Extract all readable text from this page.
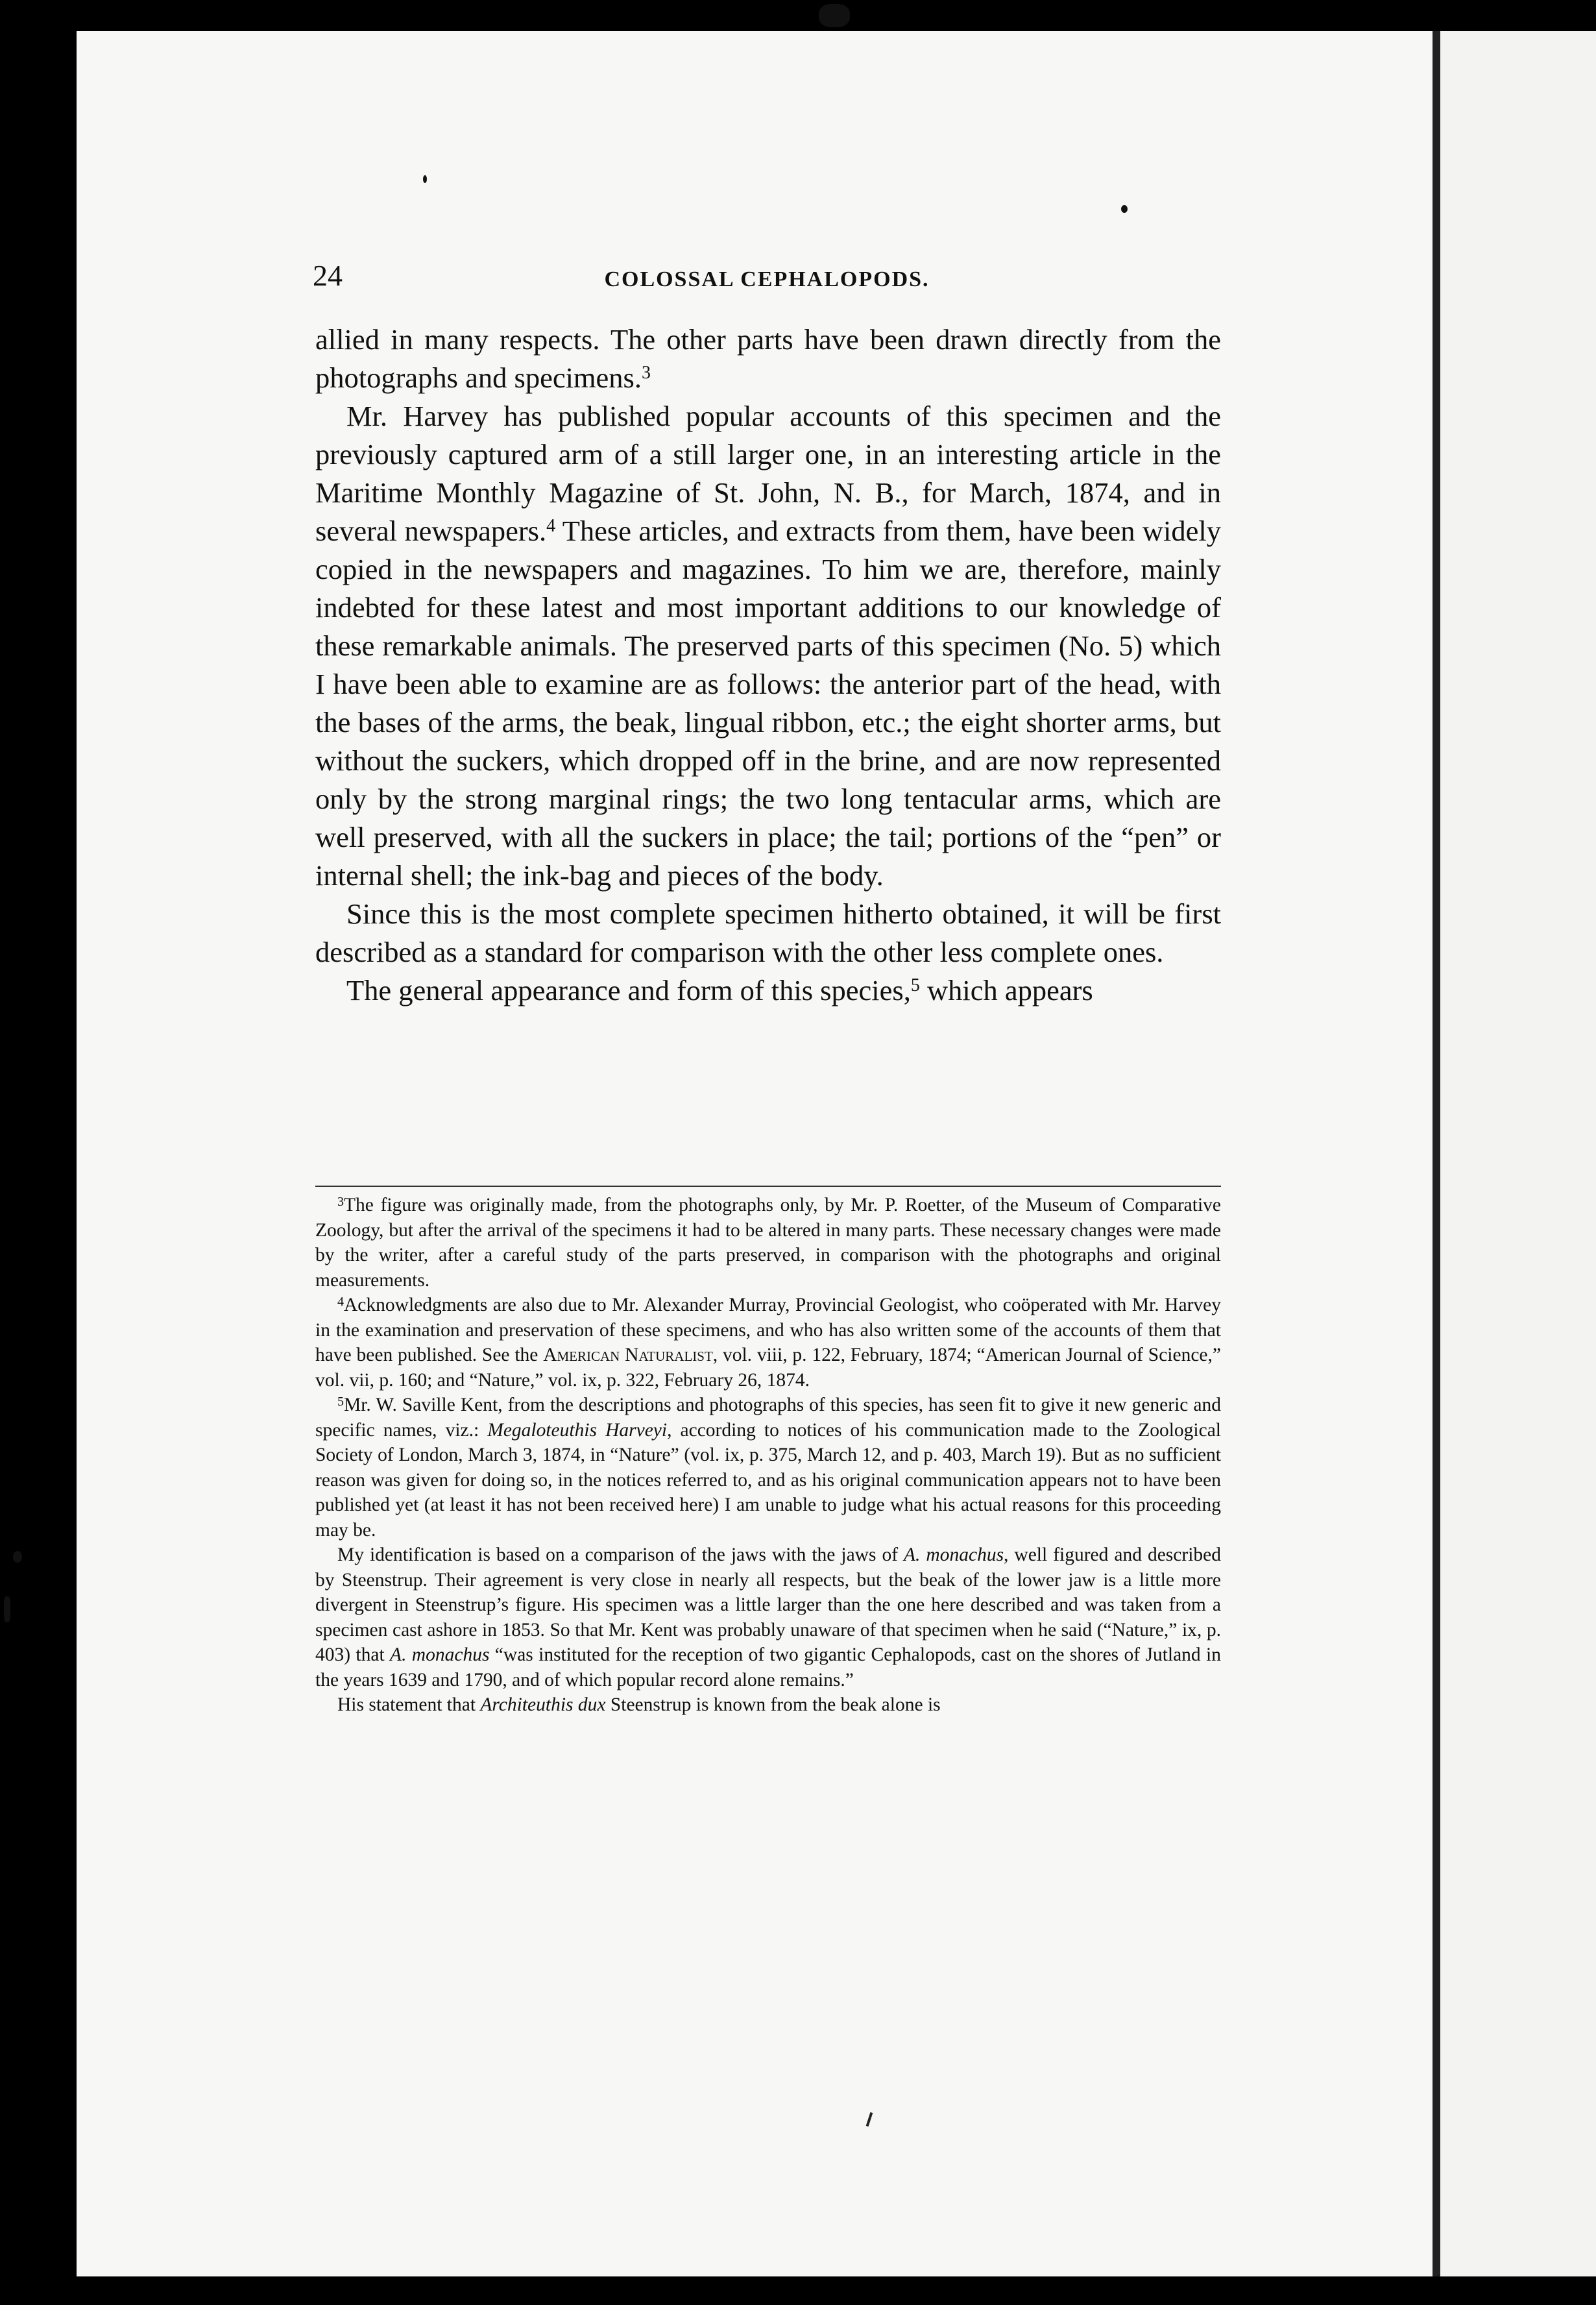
24	COLOSSAL CEPHALOPODS.

allied in many respects. The other parts have been drawn directly from the photographs and specimens.$^3$

Mr. Harvey has published popular accounts of this specimen and the previously captured arm of a still larger one, in an interesting article in the Maritime Monthly Magazine of St. John, N. B., for March, 1874, and in several newspapers.$^4$ These articles, and extracts from them, have been widely copied in the newspapers and magazines. To him we are, therefore, mainly indebted for these latest and most important additions to our knowledge of these remarkable animals. The preserved parts of this specimen (No. 5) which I have been able to examine are as follows: the anterior part of the head, with the bases of the arms, the beak, lingual ribbon, etc.; the eight shorter arms, but without the suckers, which dropped off in the brine, and are now represented only by the strong marginal rings; the two long tentacular arms, which are well preserved, with all the suckers in place; the tail; portions of the “pen” or internal shell; the ink-bag and pieces of the body.

Since this is the most complete specimen hitherto obtained, it will be first described as a standard for comparison with the other less complete ones.

The general appearance and form of this species,$^5$ which appears

$^3$The figure was originally made, from the photographs only, by Mr. P. Roetter, of the Museum of Comparative Zoology, but after the arrival of the specimens it had to be altered in many parts. These necessary changes were made by the writer, after a careful study of the parts preserved, in comparison with the photographs and original measurements.

$^4$Acknowledgments are also due to Mr. Alexander Murray, Provincial Geologist, who coöperated with Mr. Harvey in the examination and preservation of these specimens, and who has also written some of the accounts of them that have been published. See the American Naturalist, vol. viii, p. 122, February, 1874; “American Journal of Science,” vol. vii, p. 160; and “Nature,” vol. ix, p. 322, February 26, 1874.

$^5$Mr. W. Saville Kent, from the descriptions and photographs of this species, has seen fit to give it new generic and specific names, viz.: Megaloteuthis Harveyi, according to notices of his communication made to the Zoological Society of London, March 3, 1874, in “Nature” (vol. ix, p. 375, March 12, and p. 403, March 19). But as no sufficient reason was given for doing so, in the notices referred to, and as his original communication appears not to have been published yet (at least it has not been received here) I am unable to judge what his actual reasons for this proceeding may be.

My identification is based on a comparison of the jaws with the jaws of A. monachus, well figured and described by Steenstrup. Their agreement is very close in nearly all respects, but the beak of the lower jaw is a little more divergent in Steenstrup’s figure. His specimen was a little larger than the one here described and was taken from a specimen cast ashore in 1853. So that Mr. Kent was probably unaware of that specimen when he said (“Nature,” ix, p. 403) that A. monachus “was instituted for the reception of two gigantic Cephalopods, cast on the shores of Jutland in the years 1639 and 1790, and of which popular record alone remains.”

His statement that Architeuthis dux Steenstrup is known from the beak alone is
